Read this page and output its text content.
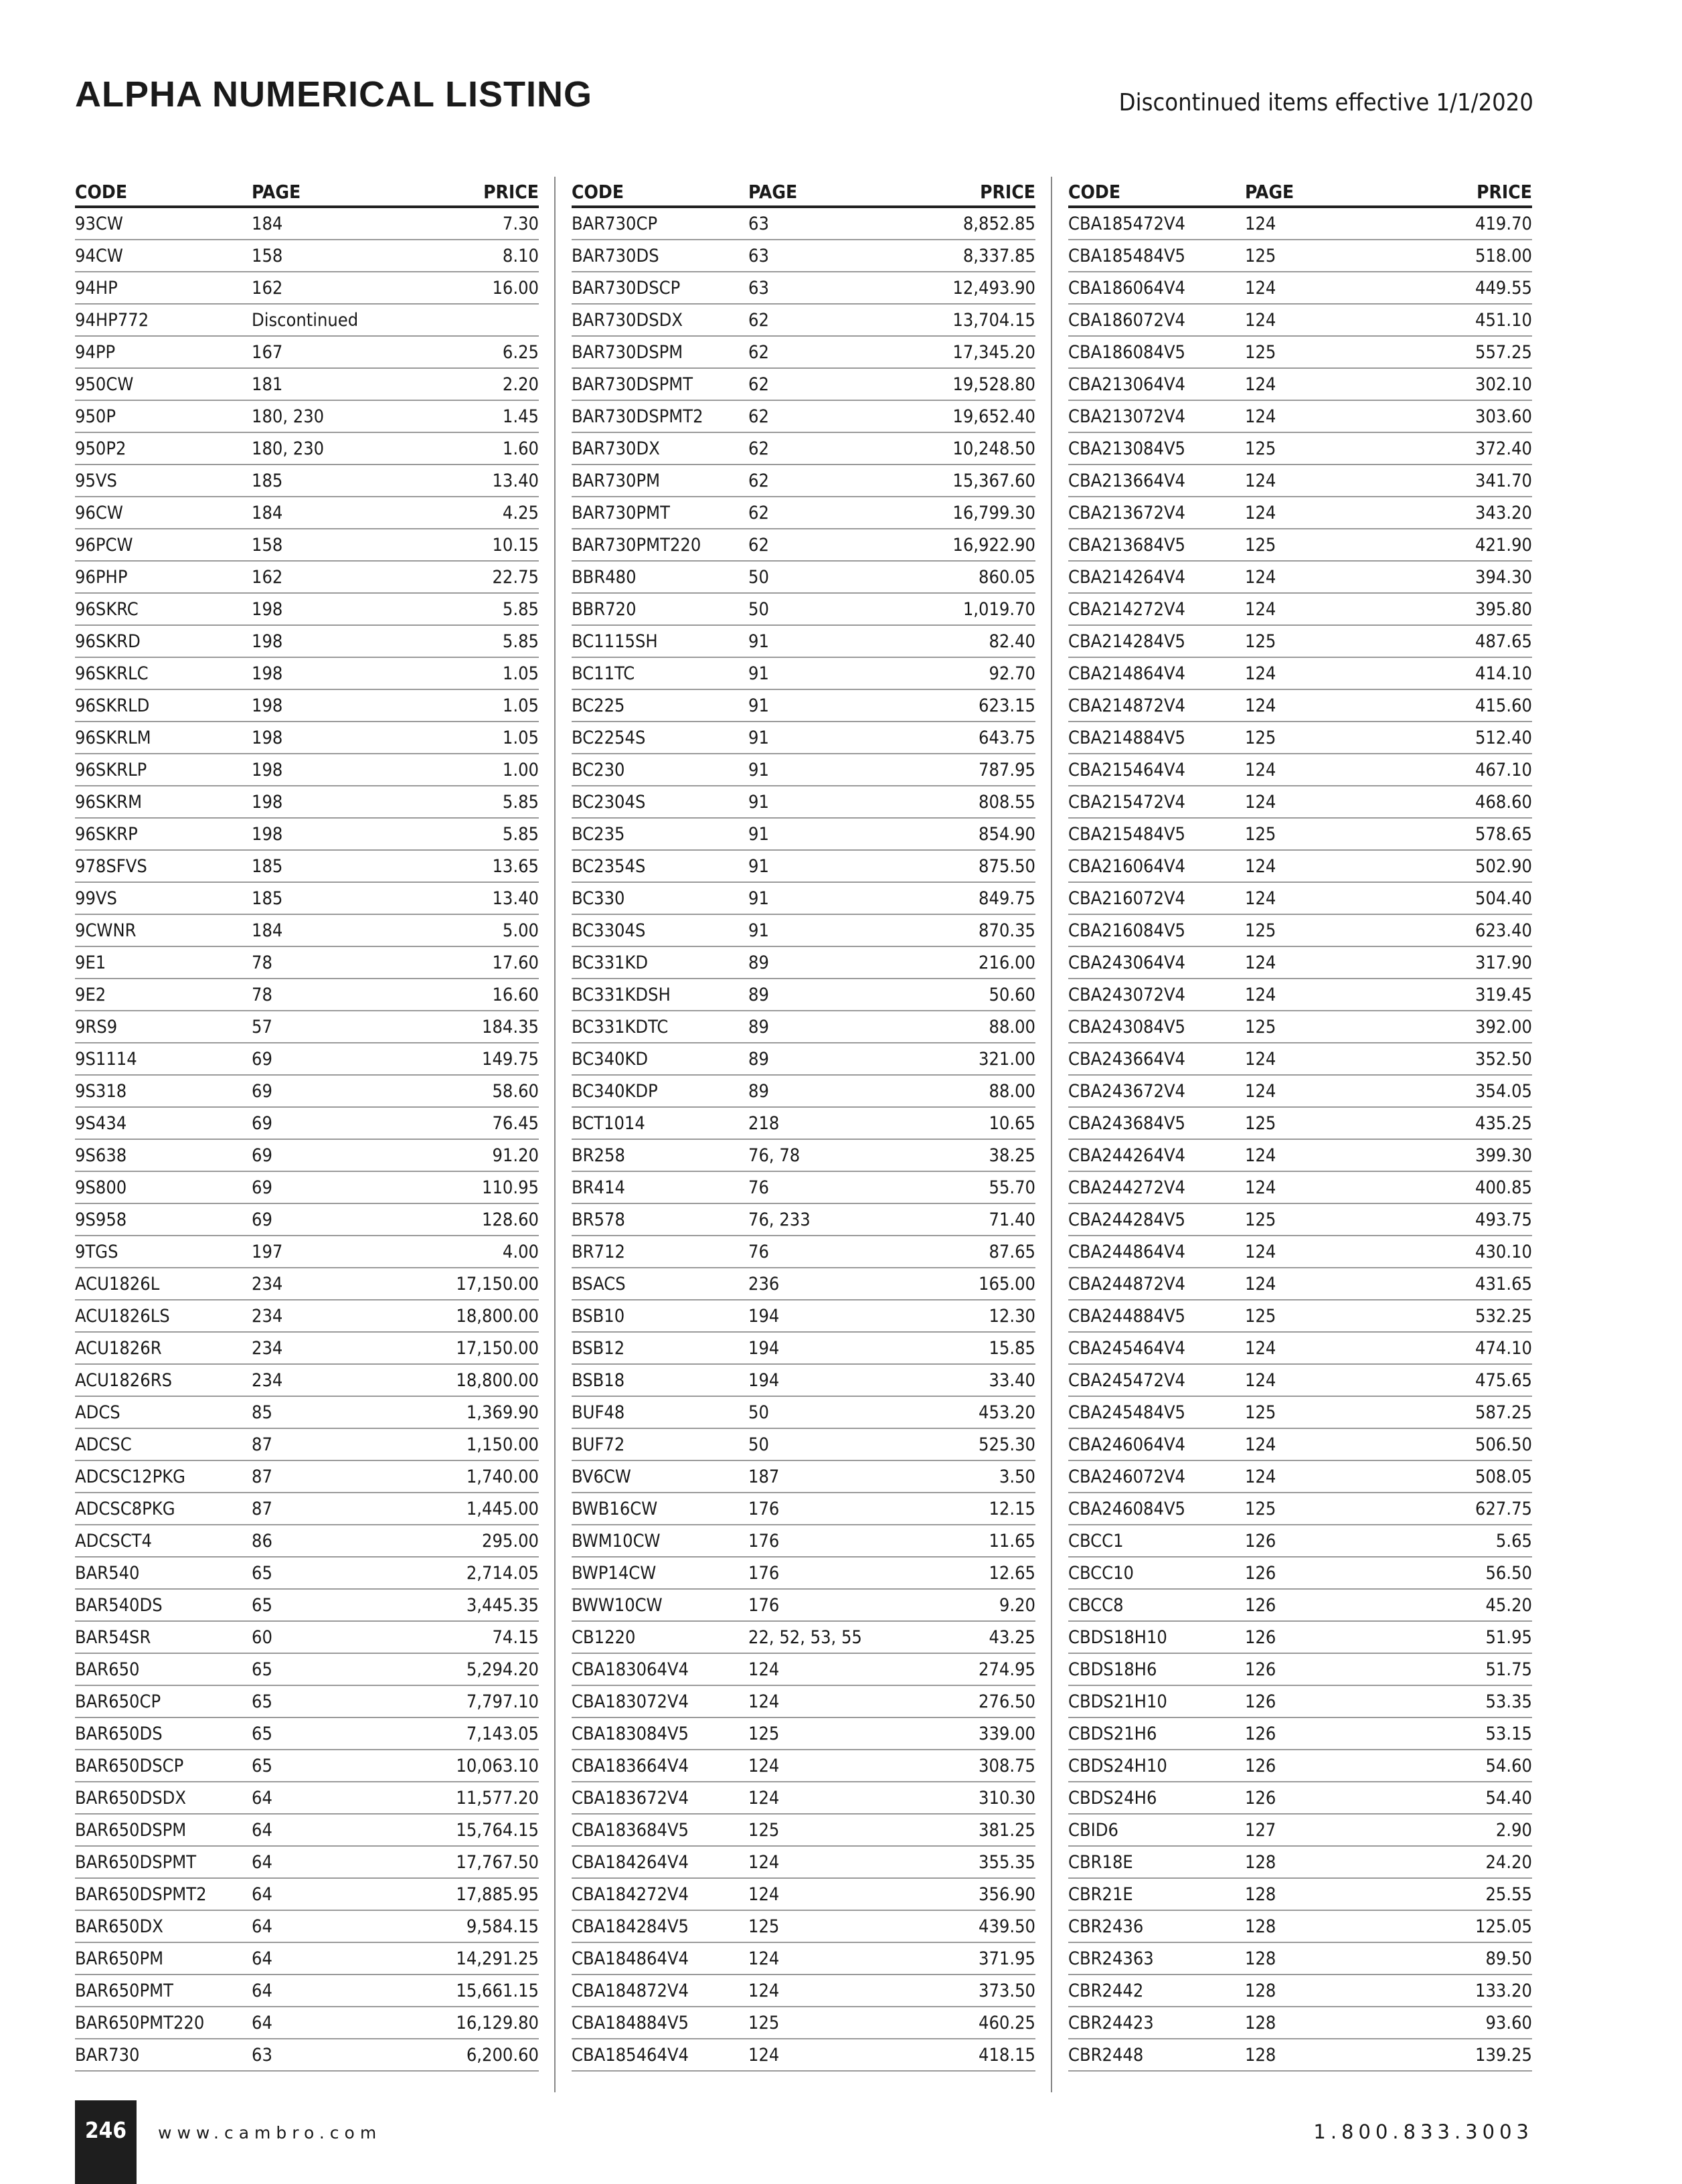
ALPHA NUMERICAL LISTING	Discontinued items effective 1/1/2020
CODE	PAGE	PRICE
93CW	184	7.30
94CW	158	8.10
94HP	162	16.00
94HP772	Discontinued
94PP	167	6.25
950CW	181	2.20
950P	180, 230	1.45
950P2	180, 230	1.60
95VS	185	13.40
96CW	184	4.25
96PCW	158	10.15
96PHP	162	22.75
96SKRC	198	5.85
96SKRD	198	5.85
96SKRLC	198	1.05
96SKRLD	198	1.05
96SKRLM	198	1.05
96SKRLP	198	1.00
96SKRM	198	5.85
96SKRP	198	5.85
978SFVS	185	13.65
99VS	185	13.40
9CWNR	184	5.00
9E1	78	17.60
9E2	78	16.60
9RS9	57	184.35
9S1114	69	149.75
9S318	69	58.60
9S434	69	76.45
9S638	69	91.20
9S800	69	110.95
9S958	69	128.60
9TGS	197	4.00
ACU1826L	234	17,150.00
ACU1826LS	234	18,800.00
ACU1826R	234	17,150.00
ACU1826RS	234	18,800.00
ADCS	85	1,369.90
ADCSC	87	1,150.00
ADCSC12PKG	87	1,740.00
ADCSC8PKG	87	1,445.00
ADCSCT4	86	295.00
BAR540	65	2,714.05
BAR540DS	65	3,445.35
BAR54SR	60	74.15
BAR650	65	5,294.20
BAR650CP	65	7,797.10
BAR650DS	65	7,143.05
BAR650DSCP	65	10,063.10
BAR650DSDX	64	11,577.20
BAR650DSPM	64	15,764.15
BAR650DSPMT	64	17,767.50
BAR650DSPMT2	64	17,885.95
BAR650DX	64	9,584.15
BAR650PM	64	14,291.25
BAR650PMT	64	15,661.15
BAR650PMT220	64	16,129.80
BAR730	63	6,200.60
CODE	PAGE	PRICE
BAR730CP	63	8,852.85
BAR730DS	63	8,337.85
BAR730DSCP	63	12,493.90
BAR730DSDX	62	13,704.15
BAR730DSPM	62	17,345.20
BAR730DSPMT	62	19,528.80
BAR730DSPMT2	62	19,652.40
BAR730DX	62	10,248.50
BAR730PM	62	15,367.60
BAR730PMT	62	16,799.30
BAR730PMT220	62	16,922.90
BBR480	50	860.05
BBR720	50	1,019.70
BC1115SH	91	82.40
BC11TC	91	92.70
BC225	91	623.15
BC2254S	91	643.75
BC230	91	787.95
BC2304S	91	808.55
BC235	91	854.90
BC2354S	91	875.50
BC330	91	849.75
BC3304S	91	870.35
BC331KD	89	216.00
BC331KDSH	89	50.60
BC331KDTC	89	88.00
BC340KD	89	321.00
BC340KDP	89	88.00
BCT1014	218	10.65
BR258	76, 78	38.25
BR414	76	55.70
BR578	76, 233	71.40
BR712	76	87.65
BSACS	236	165.00
BSB10	194	12.30
BSB12	194	15.85
BSB18	194	33.40
BUF48	50	453.20
BUF72	50	525.30
BV6CW	187	3.50
BWB16CW	176	12.15
BWM10CW	176	11.65
BWP14CW	176	12.65
BWW10CW	176	9.20
CB1220	22, 52, 53, 55	43.25
CBA183064V4	124	274.95
CBA183072V4	124	276.50
CBA183084V5	125	339.00
CBA183664V4	124	308.75
CBA183672V4	124	310.30
CBA183684V5	125	381.25
CBA184264V4	124	355.35
CBA184272V4	124	356.90
CBA184284V5	125	439.50
CBA184864V4	124	371.95
CBA184872V4	124	373.50
CBA184884V5	125	460.25
CBA185464V4	124	418.15
CODE	PAGE	PRICE
CBA185472V4	124	419.70
CBA185484V5	125	518.00
CBA186064V4	124	449.55
CBA186072V4	124	451.10
CBA186084V5	125	557.25
CBA213064V4	124	302.10
CBA213072V4	124	303.60
CBA213084V5	125	372.40
CBA213664V4	124	341.70
CBA213672V4	124	343.20
CBA213684V5	125	421.90
CBA214264V4	124	394.30
CBA214272V4	124	395.80
CBA214284V5	125	487.65
CBA214864V4	124	414.10
CBA214872V4	124	415.60
CBA214884V5	125	512.40
CBA215464V4	124	467.10
CBA215472V4	124	468.60
CBA215484V5	125	578.65
CBA216064V4	124	502.90
CBA216072V4	124	504.40
CBA216084V5	125	623.40
CBA243064V4	124	317.90
CBA243072V4	124	319.45
CBA243084V5	125	392.00
CBA243664V4	124	352.50
CBA243672V4	124	354.05
CBA243684V5	125	435.25
CBA244264V4	124	399.30
CBA244272V4	124	400.85
CBA244284V5	125	493.75
CBA244864V4	124	430.10
CBA244872V4	124	431.65
CBA244884V5	125	532.25
CBA245464V4	124	474.10
CBA245472V4	124	475.65
CBA245484V5	125	587.25
CBA246064V4	124	506.50
CBA246072V4	124	508.05
CBA246084V5	125	627.75
CBCC1	126	5.65
CBCC10	126	56.50
CBCC8	126	45.20
CBDS18H10	126	51.95
CBDS18H6	126	51.75
CBDS21H10	126	53.35
CBDS21H6	126	53.15
CBDS24H10	126	54.60
CBDS24H6	126	54.40
CBID6	127	2.90
CBR18E	128	24.20
CBR21E	128	25.55
CBR2436	128	125.05
CBR24363	128	89.50
CBR2442	128	133.20
CBR24423	128	93.60
CBR2448	128	139.25
246	www.cambro.com	1.800.833.3003
